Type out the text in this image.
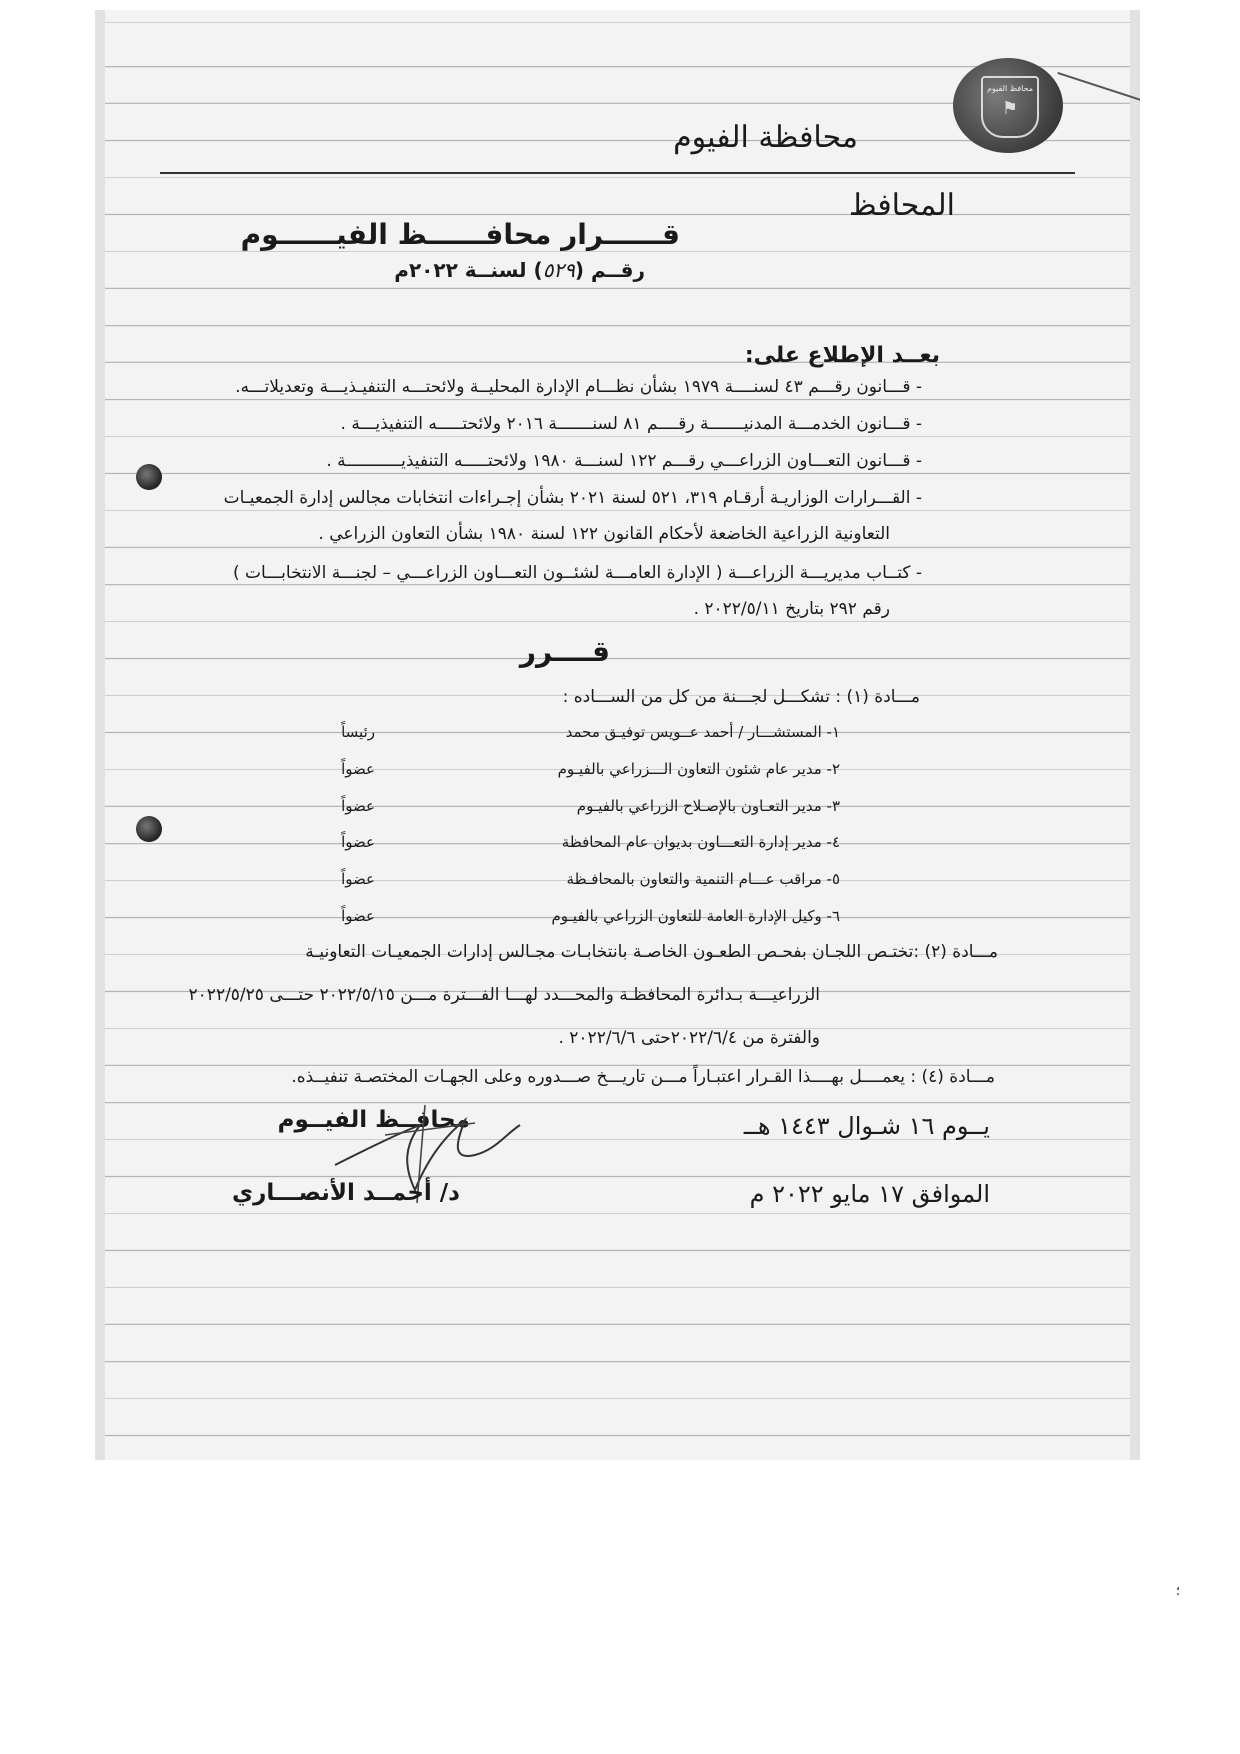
محافظ الفيوم
⚑
محافظة الفيوم
المحافظ
قــــــرار محافــــــظ الفيــــــوم
رقــم (٥٢٩) لسنــة ٢٠٢٢م
بعــد الإطلاع على:
- قـــانون رقـــم ٤٣ لسنــــة ١٩٧٩ بشأن نظـــام الإدارة المحليــة ولائحتـــه التنفيـذيـــة وتعديلاتـــه.
- قـــانون الخدمـــة المدنيـــــــة رقــــم ٨١ لسنـــــــة ٢٠١٦ ولائحتـــــه التنفيذيـــة .
- قـــانون التعـــاون الزراعـــي رقـــم ١٢٢ لسنـــة ١٩٨٠ ولائحتـــــه التنفيذيـــــــــــة .
- القـــرارات الوزاريـة أرقـام ٣١٩، ٥٢١ لسنة ٢٠٢١ بشأن إجـراءات انتخابات مجالس إدارة الجمعيـات
التعاونية الزراعية الخاضعة لأحكام القانون ١٢٢ لسنة ١٩٨٠ بشأن التعاون الزراعي .
- كتــاب مديريـــة الزراعـــة ( الإدارة العامـــة لشئــون التعـــاون الزراعـــي – لجنـــة الانتخابـــات )
رقم ٢٩٢ بتاريخ ٢٠٢٢/٥/١١ .
قــــرر
مـــادة (١) : تشكـــل لجـــنة من كل من الســـاده :
١- المستشـــار / أحمد عــويس توفيـق محمد
رئيساً
٢- مدير عام شئون التعاون الـــزراعي بالفيـوم
عضواً
٣- مدير التعـاون بالإصـلاح الزراعي بالفيـوم
عضواً
٤- مدير إدارة التعـــاون بديوان عام المحافظة
عضواً
٥- مراقب عـــام التنمية والتعاون بالمحافـظة
عضواً
٦- وكيل الإدارة العامة للتعاون الزراعي بالفيـوم
عضواً
مـــادة (٢) :تختـص اللجـان بفحـص الطعـون الخاصـة بانتخابـات مجـالس إدارات الجمعيـات التعاونيـة
الزراعيـــة بـدائرة المحافظـة والمحـــدد لهـــا الفـــترة مـــن ٢٠٢٢/٥/١٥ حتـــى ٢٠٢٢/٥/٢٥
والفترة من ٢٠٢٢/٦/٤حتى ٢٠٢٢/٦/٦ .
مـــادة (٤) : يعمــــل بهــــذا القـرار اعتبـاراً مـــن تاريـــخ صـــدوره وعلى الجهـات المختصـة تنفيــذه.
محافــظ الفيــوم	يــوم ١٦ شـوال ١٤٤٣ هــ
د/ أحمــد الأنصـــاري	الموافق ١٧ مايو ٢٠٢٢ م
؛
